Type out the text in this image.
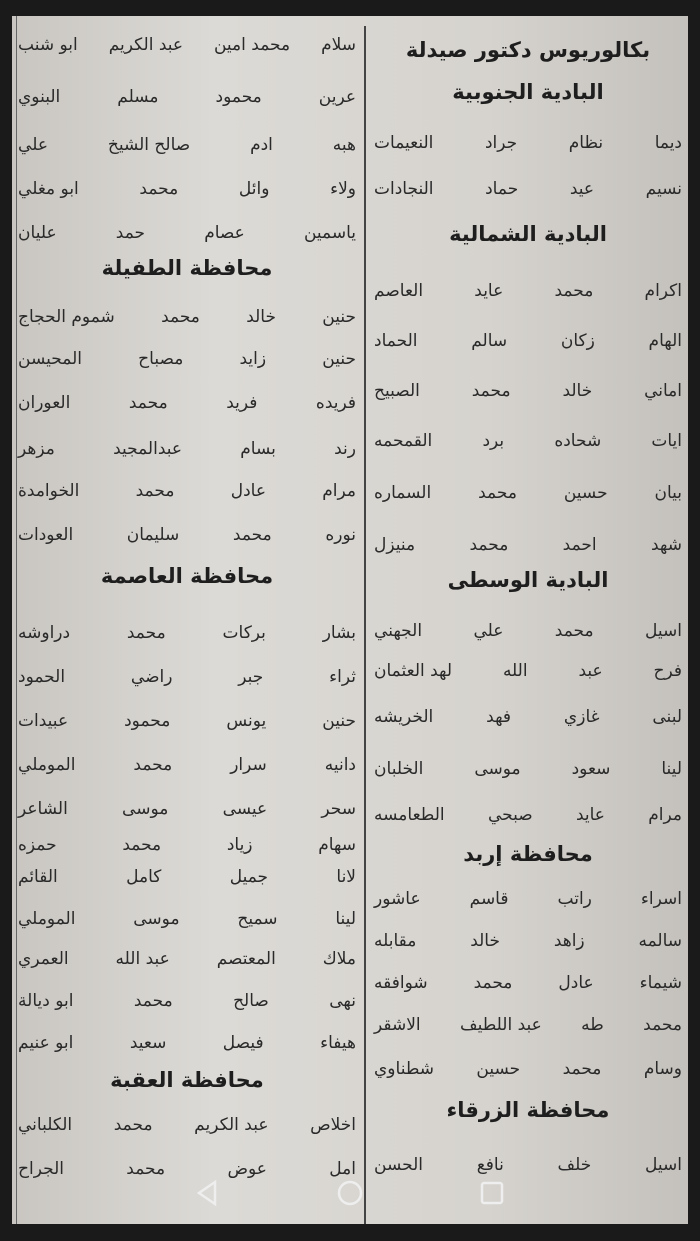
بكالوريوس دكتور صيدلة
البادية الجنوبية
ديما
نظام
جراد
النعيمات
نسيم
عيد
حماد
النجادات
البادية الشمالية
اكرام
محمد
عايد
العاصم
الهام
زكان
سالم
الحماد
اماني
خالد
محمد
الصبيح
ايات
شحاده
برد
القمحمه
بيان
حسين
محمد
السماره
شهد
احمد
محمد
منيزل
البادية الوسطى
اسيل
محمد
علي
الجهني
فرح
عبد
الله
لهد العثمان
لبنى
غازي
فهد
الخريشه
لينا
سعود
موسى
الخلبان
مرام
عايد
صبحي
الطعامسه
محافظة إربد
اسراء
راتب
قاسم
عاشور
سالمه
زاهد
خالد
مقابله
شيماء
عادل
محمد
شوافقه
محمد
طه
عبد اللطيف
الاشقر
وسام
محمد
حسين
شطناوي
محافظة الزرقاء
اسيل
خلف
نافع
الحسن
سلام
محمد امين
عبد الكريم
ابو شنب
عرين
محمود
مسلم
البنوي
هبه
ادم
صالح الشيخ
علي
ولاء
وائل
محمد
ابو مغلي
ياسمين
عصام
حمد
عليان
محافظة الطفيلة
حنين
خالد
محمد
شموم الحجاج
حنين
زايد
مصباح
المحيسن
فريده
فريد
محمد
العوران
رند
بسام
عبدالمجيد
مزهر
مرام
عادل
محمد
الخوامدة
نوره
محمد
سليمان
العودات
محافظة العاصمة
بشار
بركات
محمد
دراوشه
ثراء
جبر
راضي
الحمود
حنين
يونس
محمود
عبيدات
دانيه
سرار
محمد
الموملي
سحر
عيسى
موسى
الشاعر
سهام
زياد
محمد
حمزه
لانا
جميل
كامل
القائم
لينا
سميح
موسى
الموملي
ملاك
المعتصم
عبد الله
العمري
نهى
صالح
محمد
ابو ديالة
هيفاء
فيصل
سعيد
ابو عنيم
محافظة العقبة
اخلاص
عبد الكريم
محمد
الكلباني
امل
عوض
محمد
الجراح
